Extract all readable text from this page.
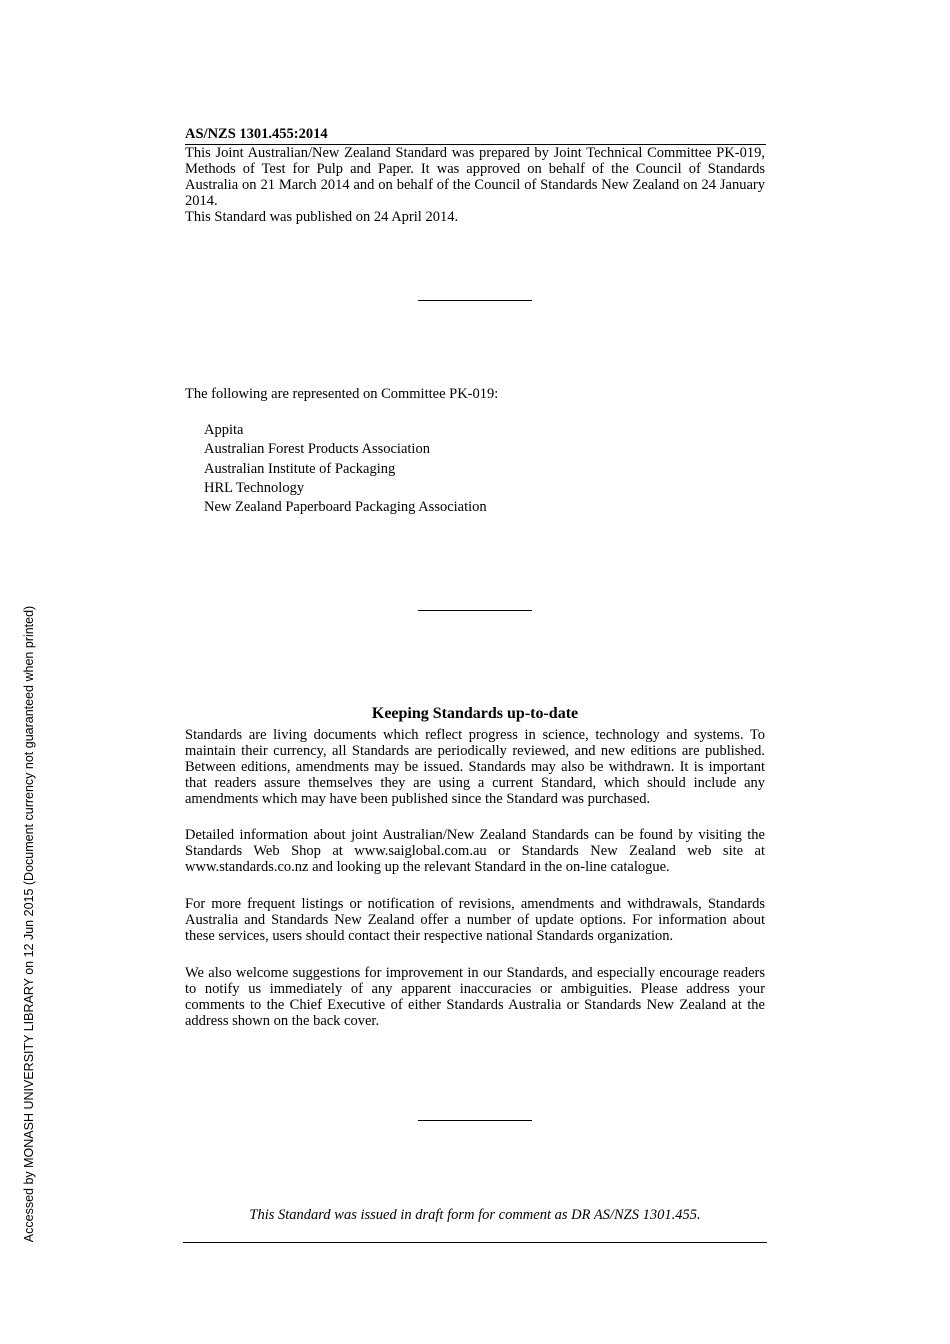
AS/NZS 1301.455:2014

This Joint Australian/New Zealand Standard was prepared by Joint Technical Committee PK-019, Methods of Test for Pulp and Paper. It was approved on behalf of the Council of Standards Australia on 21 March 2014 and on behalf of the Council of Standards New Zealand on 24 January 2014.

This Standard was published on 24 April 2014.

The following are represented on Committee PK-019:
Appita
Australian Forest Products Association
Australian Institute of Packaging
HRL Technology
New Zealand Paperboard Packaging Association
Keeping Standards up-to-date

Standards are living documents which reflect progress in science, technology and systems. To maintain their currency, all Standards are periodically reviewed, and new editions are published. Between editions, amendments may be issued. Standards may also be withdrawn. It is important that readers assure themselves they are using a current Standard, which should include any amendments which may have been published since the Standard was purchased.

Detailed information about joint Australian/New Zealand Standards can be found by visiting the Standards Web Shop at www.saiglobal.com.au or Standards New Zealand web site at www.standards.co.nz and looking up the relevant Standard in the on-line catalogue.

For more frequent listings or notification of revisions, amendments and withdrawals, Standards Australia and Standards New Zealand offer a number of update options. For information about these services, users should contact their respective national Standards organization.

We also welcome suggestions for improvement in our Standards, and especially encourage readers to notify us immediately of any apparent inaccuracies or ambiguities. Please address your comments to the Chief Executive of either Standards Australia or Standards New Zealand at the address shown on the back cover.

This Standard was issued in draft form for comment as DR AS/NZS 1301.455.
Accessed by MONASH UNIVERSITY LIBRARY on 12 Jun 2015 (Document currency not guaranteed when printed)
